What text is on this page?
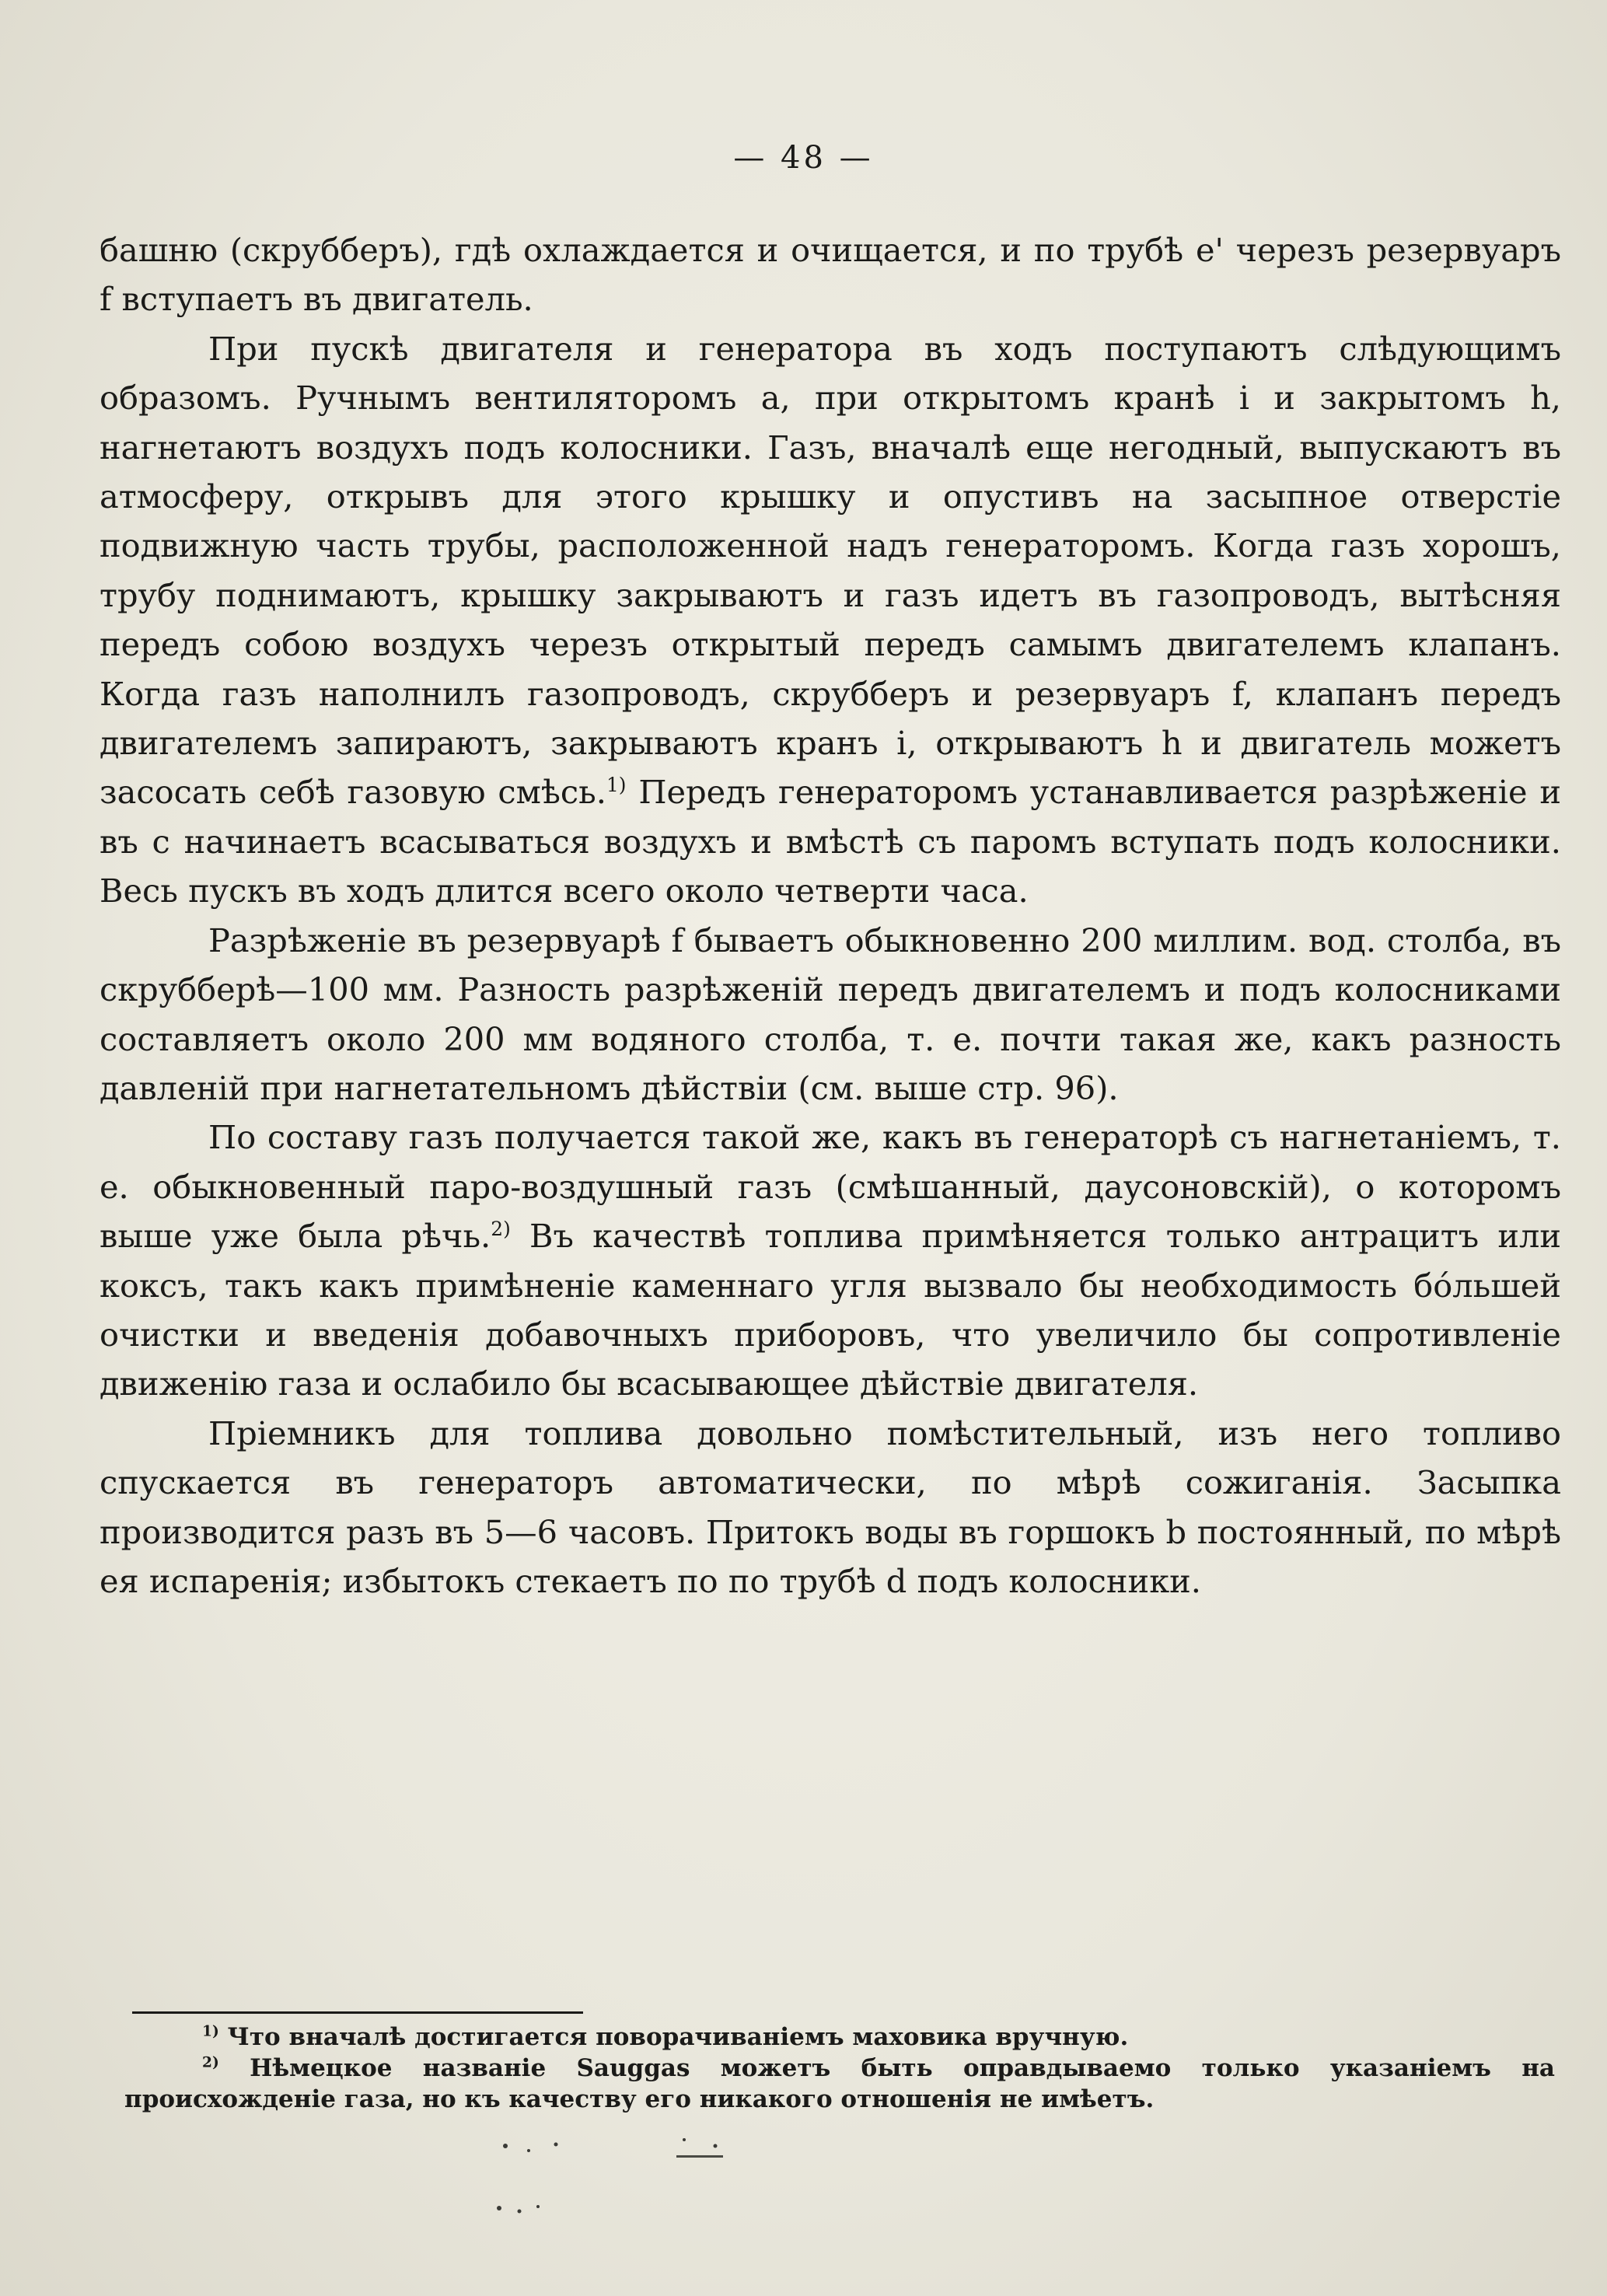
— 48 —

башню (скрубберъ), гдѣ охлаждается и очищается, и по трубѣ e' черезъ резервуаръ f вступаетъ въ двигатель.

При пускѣ двигателя и генератора въ ходъ поступаютъ слѣдующимъ образомъ. Ручнымъ вентиляторомъ а, при открытомъ кранѣ i и закрытомъ h, нагнетаютъ воздухъ подъ колосники. Газъ, вначалѣ еще негодный, выпускаютъ въ атмосферу, открывъ для этого крышку и опустивъ на засыпное отверстіе подвижную часть трубы, расположенной надъ генераторомъ. Когда газъ хорошъ, трубу поднимаютъ, крышку закрываютъ и газъ идетъ въ газопроводъ, вытѣсняя передъ собою воздухъ черезъ открытый передъ самымъ двигателемъ клапанъ. Когда газъ наполнилъ газопроводъ, скрубберъ и резервуаръ f, клапанъ передъ двигателемъ запираютъ, закрываютъ кранъ i, открываютъ h и двигатель можетъ засосать себѣ газовую смѣсь.$^{1)}$ Передъ генераторомъ устанавливается разрѣженіе и въ c начинаетъ всасываться воздухъ и вмѣстѣ съ паромъ вступать подъ колосники. Весь пускъ въ ходъ длится всего около четверти часа.

Разрѣженіе въ резервуарѣ f бываетъ обыкновенно 200 миллим. вод. столба, въ скрубберѣ—100 мм. Разность разрѣженій передъ двигателемъ и подъ колосниками составляетъ около 200 мм водяного столба, т. е. почти такая же, какъ разность давленій при нагнетательномъ дѣйствіи (см. выше стр. 96).

По составу газъ получается такой же, какъ въ генераторѣ съ нагнетаніемъ, т. е. обыкновенный паро-воздушный газъ (смѣшанный, даусоновскій), о которомъ выше уже была рѣчь.$^{2)}$ Въ качествѣ топлива примѣняется только антрацитъ или коксъ, такъ какъ примѣненіе каменнаго угля вызвало бы необходимость бо́льшей очистки и введенія добавочныхъ приборовъ, что увеличило бы сопротивленіе движенію газа и ослабило бы всасывающее дѣйствіе двигателя.

Пріемникъ для топлива довольно помѣстительный, изъ него топливо спускается въ генераторъ автоматически, по мѣрѣ сожиганія. Засыпка производится разъ въ 5—6 часовъ. Притокъ воды въ горшокъ b постоянный, по мѣрѣ ея испаренія; избытокъ стекаетъ по по трубѣ d подъ колосники.

$^{1)}$ Что вначалѣ достигается поворачиваніемъ маховика вручную.

$^{2)}$ Нѣмецкое названіе Sauggas можетъ быть оправдываемо только указаніемъ на происхожденіе газа, но къ качеству его никакого отношенія не имѣетъ.
